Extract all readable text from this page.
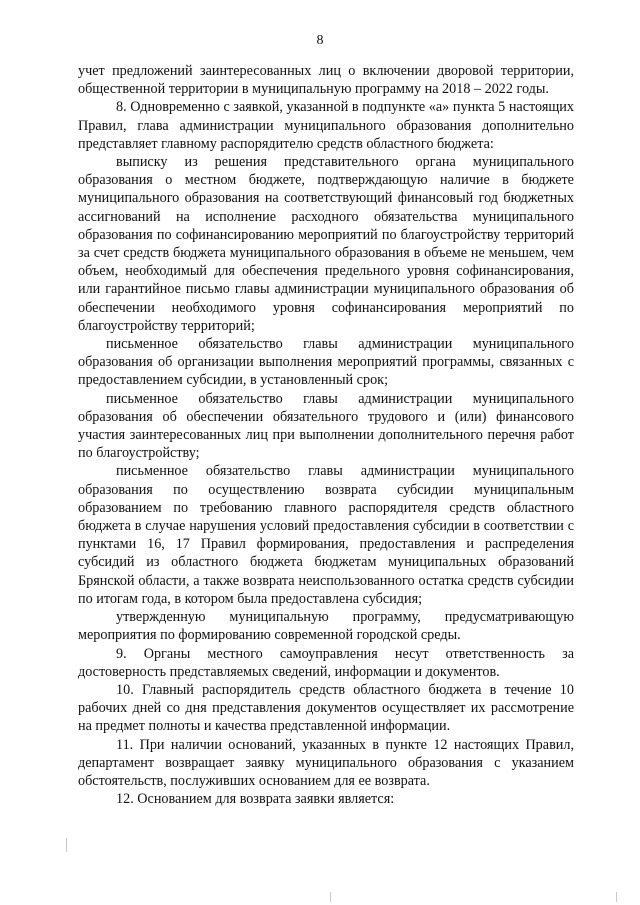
8

учет предложений заинтересованных лиц о включении дворовой территории, общественной территории в муниципальную программу на 2018 – 2022 годы.

8. Одновременно с заявкой, указанной в подпункте «а» пункта 5 настоящих Правил, глава администрации муниципального образования дополнительно представляет главному распорядителю средств областного бюджета:

выписку из решения представительного органа муниципального образования о местном бюджете, подтверждающую наличие в бюджете муниципального образования на соответствующий финансовый год бюджетных ассигнований на исполнение расходного обязательства муниципального образования по софинансированию мероприятий по благоустройству территорий за счет средств бюджета муниципального образования в объеме не меньшем, чем объем, необходимый для обеспечения предельного уровня софинансирования, или гарантийное письмо главы администрации муниципального образования об обеспечении необходимого уровня софинансирования мероприятий по благоустройству территорий;

письменное обязательство главы администрации муниципального образования об организации выполнения мероприятий программы, связанных с предоставлением субсидии, в установленный срок;

письменное обязательство главы администрации муниципального образования об обеспечении обязательного трудового и (или) финансового участия заинтересованных лиц при выполнении дополнительного перечня работ по благоустройству;

письменное обязательство главы администрации муниципального образования по осуществлению возврата субсидии муниципальным образованием по требованию главного распорядителя средств областного бюджета в случае нарушения условий предоставления субсидии в соответствии с пунктами 16, 17 Правил формирования, предоставления и распределения субсидий из областного бюджета бюджетам муниципальных образований Брянской области, а также возврата неиспользованного остатка средств субсидии по итогам года, в котором была предоставлена субсидия;

утвержденную муниципальную программу, предусматривающую мероприятия по формированию современной городской среды.

9. Органы местного самоуправления несут ответственность за достоверность представляемых сведений, информации и документов.

10. Главный распорядитель средств областного бюджета в течение 10 рабочих дней со дня представления документов осуществляет их рассмотрение на предмет полноты и качества представленной информации.

11. При наличии оснований, указанных в пункте 12 настоящих Правил, департамент возвращает заявку муниципального образования с указанием обстоятельств, послуживших основанием для ее возврата.

12. Основанием для возврата заявки является:
